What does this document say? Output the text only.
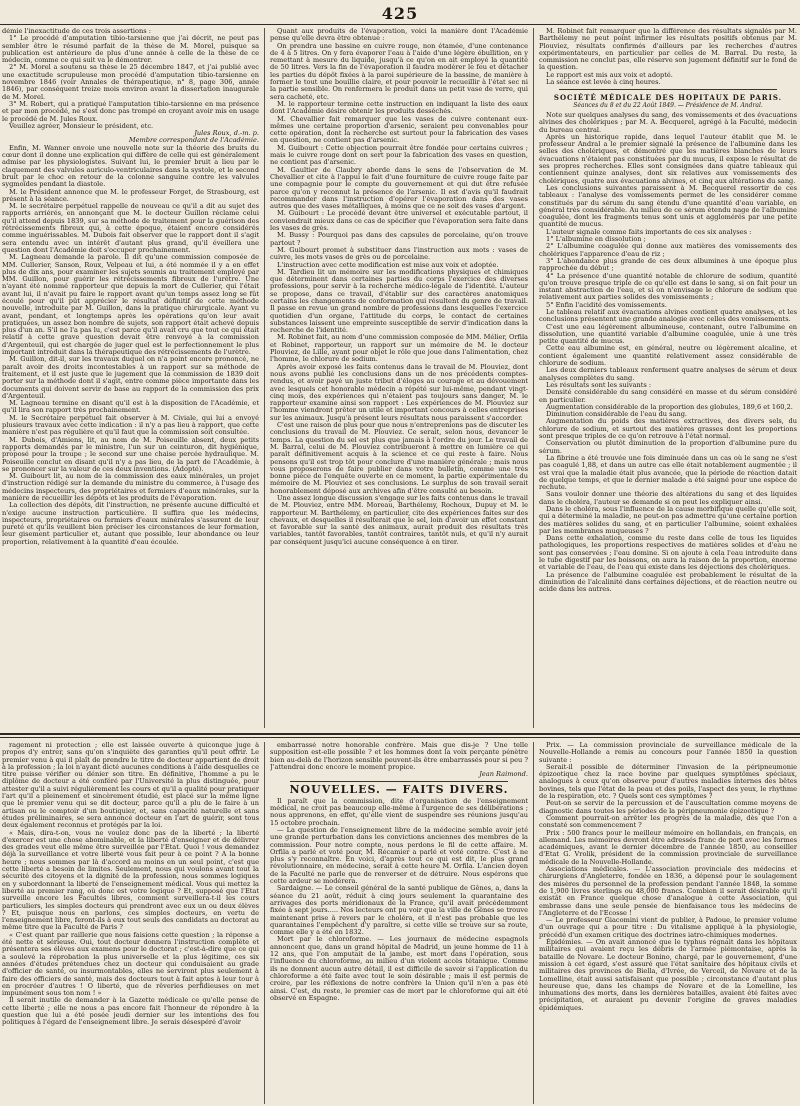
425

démie l'inexactitude de ces trois assertions :

1° Le procédé d'amputation tibio-tarsienne que j'ai décrit, ne peut pas sembler être le résumé parfait de la thèse de M. Morel, puisque sa publication est antérieure de plus d'une année à celle de la thèse de ce médecin, comme ce qui suit va le démontrer.

2° M. Morel a soutenu sa thèse le 25 décembre 1847, et j'ai publié avec une exactitude scrupuleuse mon procédé d'amputation tibio-tarsienne en novembre 1846 (voir Annales de thérapeutique, n° 8, page 306, année 1846), par conséquent treize mois environ avant la dissertation inaugurale de M. Morel.

3° M. Robert, qui a pratiqué l'amputation tibio-tarsienne en ma présence et par mon procédé, ne s'est donc pas trompé en croyant avoir mis en usage le procédé de M. Jules Roux.

Veuillez agréer, Monsieur le président, etc.

Jules Roux, d.-m. p.

Membre correspondant de l'Académie.

Enfin, M. Wanner envoie une nouvelle note sur la théorie des bruits du cœur dont il donne une explication qui diffère de celle qui est généralement admise par les physiologistes. Suivant lui, le premier bruit a lieu par le claquement des valvules auriculo-ventriculaires dans la systole, et le second bruit par le choc en retour de la colonne sanguine contre les valvules sygmoïdes pendant la diastole.

M. le Président annonce que M. le professeur Forget, de Strasbourg, est présent à la séance.

M. le secrétaire perpétuel rappelle de nouveau ce qu'il a dit au sujet des rapports arriérés, en annonçant que M. le docteur Guillon réclame celui qu'il attend depuis 1839, sur sa méthode de traitement pour la guérison des rétrécissements fibreux qui, à cette époque, étaient encore considérés comme inguérissables. M. Dubois fait observer que le rapport dont il s'agit sera entendu avec un intérêt d'autant plus grand, qu'il éveillera une question dont l'Académie doit s'occuper prochainement.

M. Lagneau demande la parole. Il dit qu'une commission composée de MM. Cullerier, Sanson, Roux, Velpeau et lui, a été nommée il y a en effet plus de dix ans, pour examiner les sujets soumis au traitement employé par MM. Guillon, pour guérir les rétrécissements fibreux de l'urètre. Une n'ayant été nommé rapporteur que depuis la mort de Cullerier, qui l'était avant lui, il n'avait pu faire le rapport avant qu'un temps assez long se fût écoulé pour qu'il pût apprécier le résultat définitif de cette méthode nouvelle, introduite par M. Guillon, dans la pratique chirurgicale. Ayant vu avant, pendant, et longtemps après les opérations qu'on leur avait pratiquées, un assez bon nombre de sujets, son rapport était achevé depuis plus d'un an. S'il ne l'a pas lu, c'est parce qu'il avait cru que tout ce qui était relatif à cette grave question devait être renvoyé à la commission d'Argenteuil, qui est chargée de juger quel est le perfectionnement le plus important introduit dans la thérapeutique des rétrécissements de l'urètre.

M. Guillon, dit-il, sur les travaux duquel on n'a point encore prononcé, ne paraît avoir des droits incontestables à un rapport sur sa méthode de traitement, et il est juste que le jugement que la commission de 1839 doit porter sur la méthode dont il s'agit, entre comme pièce importante dans les documents qui doivent servir de base au rapport de la commission des prix d'Argenteuil.

M. Lagneau termine en disant qu'il est à la disposition de l'Académie, et qu'il lira son rapport très prochainement.

M. le Secrétaire perpétuel fait observer à M. Civiale, qui lui a envoyé plusieurs travaux avec cette indication : il n'y a pas lieu à rapport, que cette manière n'est pas régulière et qu'il faut que la commission soit consultée.

M. Dubois, d'Amiens, lit, au nom de M. Poiseuille absent, deux petits rapports demandés par le ministre, l'un sur un ceinturon, dit hygiénique, proposé pour la troupe ; le second sur une chaise percée hydraulique. M. Poiseuille conclut en disant qu'il n'y a pas lieu, de la part de l'Académie, à se prononcer sur la valeur de ces deux inventions. (Adopté).

M. Guibourt lit, au nom de la commission des eaux minérales, un projet d'instruction rédigé sur la demande du ministre du commerce, à l'usage des médecins inspecteurs, des propriétaires et fermiers d'eaux minérales, sur la manière de recueillir les dépôts et les produits de l'évaporation.

La collection des dépôts, dit l'instruction, ne présente aucune difficulté et n'exige aucune instruction particulière. Il suffira que les médecins, inspecteurs, propriétaires ou fermiers d'eaux minérales s'assurent de leur pureté et qu'ils veuillent bien préciser les circonstances de leur formation, leur gisement particulier et, autant que possible, leur abondance ou leur proportion, relativement à la quantité d'eau écoulée.

Quant aux produits de l'évaporation, voici la manière dont l'Académie pense qu'elle devra être obtenue :

On prendra une bassine en cuivre rouge, non étamée, d'une contenance de 4 à 5 litres. On y fera évaporer l'eau à l'aide d'une légère ébullition, en y remettant à mesure du liquide, jusqu'à ce qu'on en ait employé la quantité de 50 litres. Vers la fin de l'évaporation il faudra modérer le feu et détacher les parties du dépôt fixées à la paroi supérieure de la bassine, de manière à former le tout une bouillie claire, et pour pouvoir le recueillir à l'état sec ni la partie sensible. On renfermera le produit dans un petit vase de verre, qui sera cacheté, etc.

M. le rapporteur termine cette instruction en indiquant la liste des eaux dont l'Académie désire obtenir les produits desséchés.

M. Chevallier fait remarquer que les vases de cuivre contenant eux-mêmes une certaine proportion d'arsenic, seraient peu convenables pour cette opération, dont la recherche est surtout pour la fabrication des vases en question, ne contient pas d'arsenic.

M. Guibourt : Cette objection pourrait être fondée pour certains cuivres ; mais le cuivre rouge dont on sert pour la fabrication des vases en question, ne contient pas d'arsenic.

M. Gaultier de Claubry aborde dans le sens de l'observation de M. Chevallier et cite à l'appui le fait d'une fourniture de cuivre rouge faite par une compagnie pour le compte du gouvernement et qui dut être refusée parce qu'on y reconnut la présence de l'arsenic. Il est d'avis qu'il faudrait recommander dans l'instruction d'opérer l'évaporation dans des vases autres que des vases métalliques, à moins que ce ne soit des vases d'argent.

M. Guibourt : Le procédé devant être universel et exécutable partout, il conviendrait mieux dans ce cas de spécifier que l'évaporation sera faite dans les vases de grès.

M. Bussy : Pourquoi pas dans des capsules de porcelaine, qu'on trouve partout ?

M. Guibourt promet à substituer dans l'instruction aux mots : vases de cuivre, les mots vases de grès ou de porcelaine.

L'instruction avec cette modification est mise aux voix et adoptée.

M. Tardieu lit un mémoire sur les modifications physiques et chimiques que déterminent dans certaines parties du corps l'exercice des diverses professions, pour servir à la recherche médico-légale de l'identité. L'auteur se propose, dans ce travail, d'établir sur des caractères anatomiques certains les changements de conformation qui résultent du genre de travail. Il passe en revue un grand nombre de professions dans lesquelles l'exercice quotidien d'un organe, l'attitude du corps, le contact de certaines substances laissent une empreinte susceptible de servir d'indication dans la recherche de l'identité.

M. Robinet fait, au nom d'une commission composée de MM. Mélier, Orfila et Robinet, rapporteur, un rapport sur un mémoire de M. le docteur Plouviez, de Lille, ayant pour objet le rôle que joue dans l'alimentation, chez l'homme, le chlorure de sodium.

Après avoir exposé les faits contenus dans le travail de M. Plouviez, dont nous avons publié les conclusions dans un de nos précédents comptes-rendus, et avoir payé un juste tribut d'éloges au courage et au dévouement avec lesquels cet honorable médecin a répété sur lui-même, pendant vingt-cinq mois, des expériences qui n'étaient pas toujours sans danger, M. le rapporteur examine ainsi son rapport : Les expériences de M. Plouviez sur l'homme viendront prêter un utile et important concours à celles entreprises sur les animaux. Jusqu'à présent leurs résultats nous paraissent s'accorder.

C'est une raison de plus pour que nous n'entreprenions pas de discuter les conclusions du travail de M. Plouviez. Ce serait, selon nous, devancer le temps. La question du sel est plus que jamais à l'ordre du jour. Le travail de M. Barral, celui de M. Plouviez contribueront à mettre en lumière ce qui paraît définitivement acquis à la science et ce qui reste à faire. Nous pensons qu'il est trop tôt pour conclure d'une manière générale ; mais nous vous proposerons de faire publier dans votre bulletin, comme une très bonne pièce de l'enquête ouverte en ce moment, la partie expérimentale du mémoire de M. Plouviez et ses conclusions. Le surplus de son travail serait honorablement déposé aux archives afin d'être consulté au besoin.

Une assez longue discussion s'engage sur les faits contenus dans le travail de M. Plouviez, entre MM. Moreau, Barthélemy, Rochoux, Dupuy et M. le rapporteur. M. Barthélemy, en particulier, cite des expériences faites sur des chevaux, et desquelles il résulterait que le sel, loin d'avoir un effet constant et favorable sur la santé des animaux, aurait produit des résultats très variables, tantôt favorables, tantôt contraires, tantôt nuls, et qu'il n'y aurait par conséquent jusqu'ici aucune conséquence à en tirer.

M. Robinet fait remarquer que la différence des résultats signalés par M. Barthélemy ne peut point infirmer les résultats positifs obtenus par M. Plouviez, résultats confirmés d'ailleurs par les recherches d'autres expérimentateurs, en particulier par celles de M. Barral. Du reste, la commission ne conclut pas, elle réserve son jugement définitif sur le fond de la question.

Le rapport est mis aux voix et adopté.

La séance est levée à cinq heures.

SOCIÉTÉ MÉDICALE DES HOPITAUX DE PARIS.

Séances du 8 et du 22 Août 1849. — Présidence de M. Andral.

Note sur quelques analyses du sang, des vomissements et des évacuations alvines des cholériques ; par M. A. Becquerel, agrégé à la Faculté, médecin du bureau central.

Après un historique rapide, dans lequel l'auteur établit que M. le professeur Andral a le premier signalé la présence de l'albumine dans les selles des cholériques, et démontré que les matières blanches de leurs évacuations n'étaient pas constituées par du mucus, il expose le résultat de ses propres recherches. Elles sont consignées dans quatre tableaux qui contiennent quinze analyses, dont six relatives aux vomissements des cholériques, quatre aux évacuations alvines, et cinq aux altérations du sang.

Les conclusions suivantes paraissent à M. Becquerel ressortir de ces tableaux : l'analyse des vomissements permet de les considérer comme constitués par du sérum du sang étendu d'une quantité d'eau variable, en général très considérable. Au milieu de ce sérum étendu nage de l'albumine coagulée, dont les fragments tenus sont unis et agglomérés par une petite quantité de mucus.

L'auteur signale comme faits importants de ces six analyses :

1° L'albumine en dissolution ;

2° L'albumine coagulée qui donne aux matières des vomissements des cholériques l'apparence d'eau de riz ;

3° L'abondance plus grande de ces deux albumines à une époque plus rapprochée du début ;

4° La présence d'une quantité notable de chlorure de sodium, quantité qu'on trouve presque triple de ce qu'elle est dans le sang, si on fait pour un instant abstraction de l'eau, et si on n'envisage le chlorure de sodium que relativement aux parties solides des vomissements ;

5° Enfin l'acidité des vomissements.

Le tableau relatif aux évacuations alvines contient quatre analyses, et les conclusions présentent une grande analogie avec celles des vomissements.

C'est une eau légèrement albumineuse, contenant, outre l'albumine en dissolution, une quantité variable d'albumine coagulée, unie à une très petite quantité de mucus.

Cette eau albumine est, en général, neutre ou légèrement alcaline, et contient également une quantité relativement assez considérable de chlorure de sodium.

Les deux derniers tableaux renferment quatre analyses de sérum et deux analyses complètes du sang.

Les résultats sont les suivants :

Densité considérable du sang considéré en masse et du sérum considéré en particulier.

Augmentation considérable de la proportion des globules, 189,6 et 160,2.

Diminution considérable de l'eau du sang.

Augmentation du poids des matières extractives, des divers sels, du chlorure de sodium, et surtout des matières grasses dont les proportions sont presque triples de ce qu'on retrouve à l'état normal.

Conservation ou plutôt diminution de la proportion d'albumine pure du sérum.

La fibrine a été trouvée une fois diminuée dans un cas où le sang ne s'est pas coagulé 1,88, et dans un autre cas elle était notablement augmentée ; il est vrai que la maladie était plus avancée, que la période de réaction datait de quelque temps, et que le dernier malade a été saigné pour une espèce de rechute.

Sans vouloir donner une théorie des altérations du sang et des liquides dans le choléra, l'auteur se demande si on peut les expliquer ainsi.

Dans le choléra, sous l'influence de la cause morbifique quelle qu'elle soit, qui a déterminé la maladie, ne peut-on pas admettre qu'une certaine portion des matières solides du sang, et en particulier l'albumine, soient exhalées par les membranes muqueuses ?

Dans cette exhalation, comme du reste dans celle de tous les liquides pathologiques, les proportions respectives de matières solides et d'eau ne sont pas conservées ; l'eau domine. Si on ajoute à cela l'eau introduite dans le tube digestif par les boissons, on aura la raison de la proportion, énorme et variable de l'eau, de l'eau qui existe dans les déjections des cholériques.

La présence de l'albumine coagulée est probablement le résultat de la diminution de l'alcalinité dans certaines déjections, et de réaction neutre ou acide dans les autres.

ragement ni protection ; elle est laissée ouverte à quiconque juge à propos d'y entrer, sans qu'on s'inquiète des garanties qu'il peut offrir. Le premier venu à qui il plaît de prendre le titre de docteur appartient de droit à la profession ; la loi n'ayant dicté aucunes conditions à l'aide desquelles ce titre puisse vérifier ou dénier son titre. En définitive, l'homme a pu le diplôme de docteur a été conféré par l'Université la plus distinguée, pour attester qu'il a suivi régulièrement les cours et qu'il a qualité pour pratiquer l'art qu'il a pleinement et sincèrement étudié, est placé sur la même ligne que le premier venu qui se dit docteur, parce qu'il a plu de le faire à un artisan ou le comptoir d'un boutiquier, et, sans capacité naturelle et sans études préliminaires, se sera annoncé docteur en l'art de guérir, sont tous deux également reconnus et protégés par la loi.

« Mais, dira-t-on, vous ne voulez donc pas de la liberté ; la liberté d'exercer est une chose abominable, et la liberté d'enseigner et de délivrer des grades veut elle même être surveillée par l'Etat. Quoi ! vous demandez déjà la surveillance et votre liberté vous fait peur à ce point ? A la bonne heure ; nous sommes par là d'accord au moins en un seul point, c'est que cette liberté a besoin de limites. Seulement, nous qui voulons avant tout la sécurité des citoyens et la dignité de la profession, nous sommes logiques en y subordonnant la liberté de l'enseignement médical. Vous qui mettez la liberté au premier rang, où donc est votre logique ? Et, supposé que l'Etat surveille encore les Facultés libres, comment surveillera-t-il les cours particuliers, les simples docteurs qui prendront avec eux un ou deux élèves ? Et, puisque nous en parlons, ces simples docteurs, en vertu de l'enseignement libre, feront-ils à eux tout seuls des candidats au doctorat au même titre que la Faculté de Paris ?

« C'est quant par raillerie que nous faisions cette question ; la réponse a été nette et sérieuse. Oui, tout docteur donnera l'instruction complète et présentera ses élèves aux examens pour le doctorat ; c'est-à-dire que ce qui a soulevé la réprobation la plus universelle et la plus légitime, ces six années d'études prétendues chez un docteur qui conduisaient au grade d'officier de santé, ou insurmontables, elles ne serviront plus seulement à faire des officiers de santé, mais des docteurs tout à fait aptes à leur tour à en procréer d'autres ! O liberté, que de rêveries perfidieuses on met impunément sous ton nom ! »

Il serait inutile de demander à la Gazette médicale ce qu'elle pense de cette liberté ; elle ne nous a pas encore fait l'honneur de répondre à la question que lui a été posée jeudi dernier sur les intentions des fou politiques à l'égard de l'enseignement libre. Je serais désespéré d'avoir

embarrassé notre honorable confrère. Mais que dis-je ? Une telle supposition est-elle possible ? et les hommes dont la voix perçante pénètre bien au-delà de l'horizon sensible peuvent-ils être embarrassés pour si peu ? J'attendrai donc encore le moment propice.

Jean Raimond.

NOUVELLES. — FAITS DIVERS.

Il paraît que la commission, dite d'organisation de l'enseignement médical, ne croit pas beaucoup elle-même à l'urgence de ses délibérations ; nous apprenons, en effet, qu'elle vient de suspendre ses réunions jusqu'au 15 octobre prochain.

— La question de l'enseignement libre de la médecine semble avoir jeté une grande perturbation dans les convictions anciennes des membres de la commission. Pour notre compte, nous perdons le fil de cette affaire. M. Orfila a parlé et voté pour, M. Récamier a parlé et voté contre. C'est à ne plus s'y reconnaître. En voici, d'après tout ce qui est dit, le plus grand révolutionnaire, en médecine, serait à cette heure M. Orfila. L'ancien doyen de la Faculté ne parle que de renverser et de détruire. Nous espérons que cette ardeur se modérera.

Sardaigne. — Le conseil général de la santé publique de Gênes, a, dans la séance du 21 août, réduit à cinq jours seulement la quarantaine des arrivages des ports méridionaux de la France, qu'il avait précédemment fixée à sept jours..... Nos lecteurs ont pu voir que la ville de Gênes se trouve maintenant prise à revers par le choléra, et il n'est pas probable que les quarantaines l'empêchent d'y paraître, si cette ville se trouve sur sa route, comme elle y a été en 1832.

Mort par le chloroforme. — Les journaux de médecine espagnols annoncent que, dans un grand hôpital de Madrid, un jeune homme de 11 à 12 ans, que l'on amputait de la jambe, est mort dans l'opération, sous l'influence du chloroforme, au milieu d'un violent accès tétanique. Comme ils ne donnent aucun autre détail, il est difficile de savoir si l'application du chloroforme a été faite avec tout le soin désirable ; mais il est permis de croire, par les réflexions de notre confrère la Union qu'il n'en a pas été ainsi. C'est, du reste, le premier cas de mort par le chloroforme qui ait été observé en Espagne.

Prix. — La commission provinciale de surveillance médicale de la Nouvelle-Hollande a remis au concours pour l'année 1850 la question suivante :

Serait-il possible de déterminer l'invasion de la péripneumonie épizootique chez la race bovine par quelques symptômes spéciaux, analogues à ceux qu'on observe pour d'autres maladies internes des bêtes bovines, tels que l'état de la peau et des poils, l'aspect des yeux, le rhythme de la respiration, etc. ? Quels sont ces symptômes ?

Peut-on se servir de la percussion et de l'auscultation comme moyens de diagnostic dans toutes les périodes de la péripneumonie épizootique ?

Comment pourrait-on arrêter les progrès de la maladie, dès que l'on a constaté son commencement ?

Prix : 500 francs pour le meilleur mémoire en hollandais, en français, en allemand. Les mémoires devront être adressés franc de port avec les formes académiques, avant le dernier décembre de l'année 1850, au conseiller d'Etat G. Vrolik, président de la commission provinciale de surveillance médicale de la Nouvelle-Hollande.

Associations médicales. — L'association provinciale des médecins et chirurgiens d'Angleterre, fondée en 1836, a dépensé pour le soulagement des misères du personnel de la profession pendant l'année 1848, la somme de 1,900 livres sterlings ou 48,000 francs. Combien il serait désirable qu'il existât en France quelque chose d'analogue à cette Association, qui embrasse dans une seule pensée de bienfaisance tous les médecins de l'Angleterre et de l'Ecosse !

— Le professeur Giacomini vient de publier, à Padoue, le premier volume d'un ouvrage qui a pour titre : Du vitalisme appliqué à la physiologie, précédé d'un examen critique des doctrines iatro-chimiques modernes.

Épidémies. — On avait annoncé que le typhus régnait dans les hôpitaux militaires qui avaient reçu les débris de l'armée piémontaise, après la bataille de Novare. Le docteur Bonino, chargé, par le gouvernement, d'une mission à cet égard, s'est assuré que l'état sanitaire des hôpitaux civils et militaires des provinces de Biella, d'Ivrée, de Verceil, de Novare et de la Lomelline, était aussi satisfaisant que possible ; circonstance d'autant plus heureuse que, dans les champs de Novare et de la Lomelline, les inhumations des morts, dans les dernières batailles, avaient été faites avec précipitation, et auraient pu devenir l'origine de graves maladies épidémiques.
